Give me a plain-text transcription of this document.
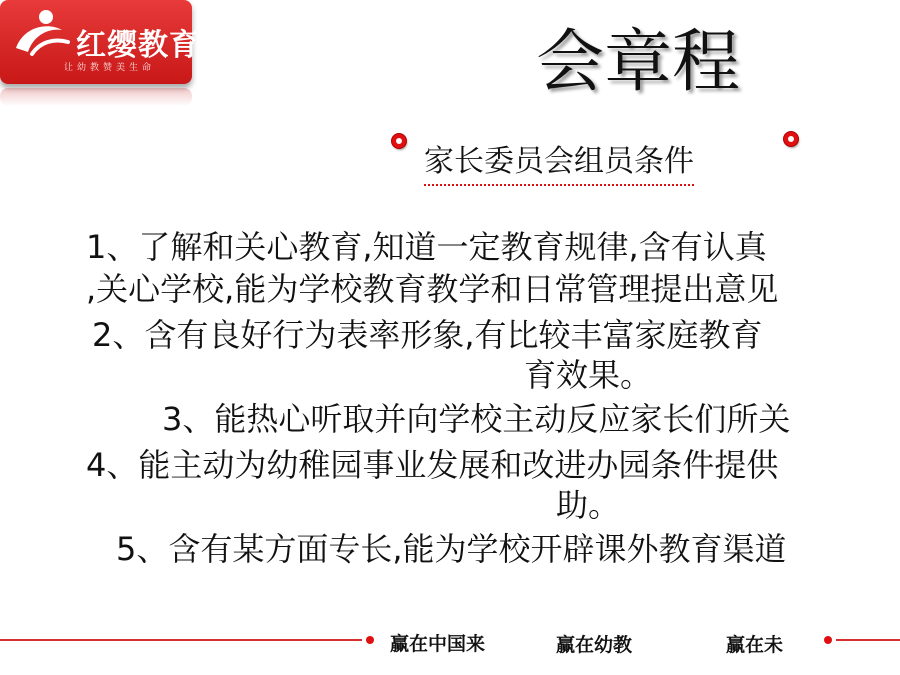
红缨教育
让幼教赞美生命	会章程
家长委员会组员条件
1、了解和关心教育,知道一定教育规律,含有认真
,关心学校,能为学校教育教学和日常管理提出意见
2、含有良好行为表率形象,有比较丰富家庭教育
育效果。
3、能热心听取并向学校主动反应家长们所关
4、能主动为幼稚园事业发展和改进办园条件提供
助。
5、含有某方面专长,能为学校开辟课外教育渠道
赢在中国来	赢在幼教	赢在未
